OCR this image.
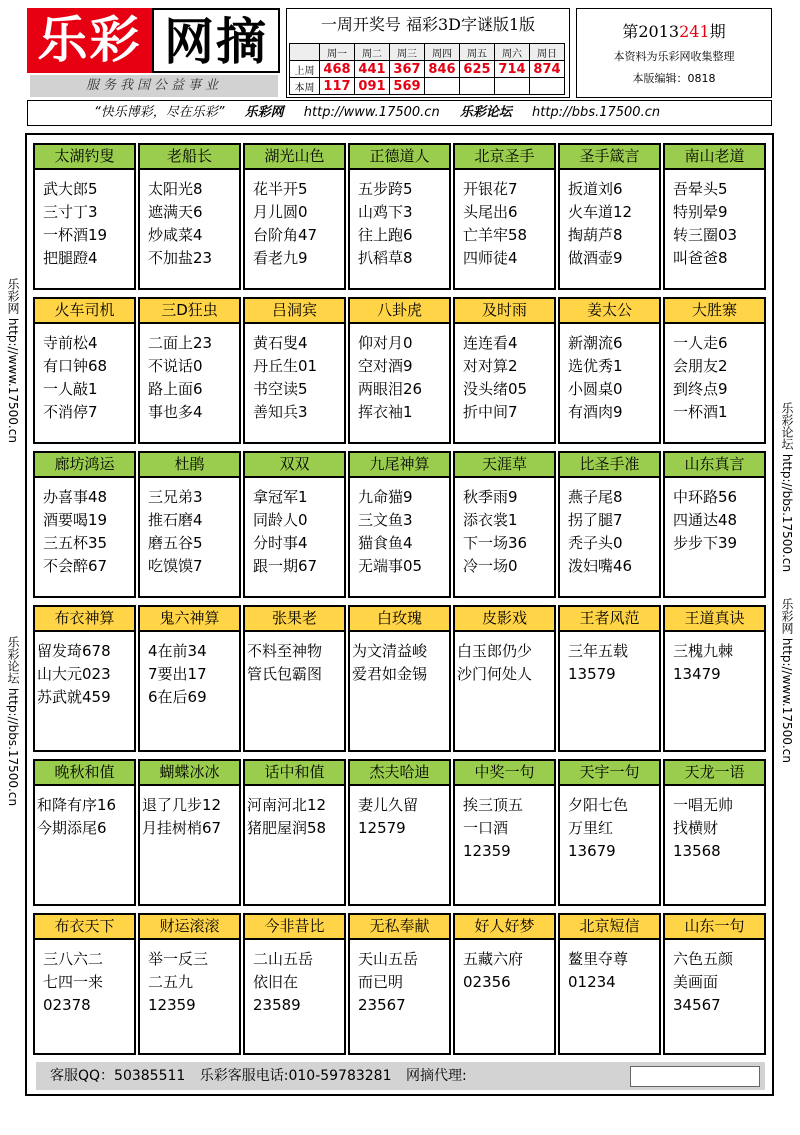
乐彩 网摘
服务我国公益事业
一周开奖号 福彩3D字谜版1版
	周一	周二	周三	周四	周五	周六	周日
上周	468	441	367	846	625	714	874
本周	117	091	569				
第2013241期
本资料为乐彩网收集整理
本版编辑：0818
“快乐博彩，尽在乐彩” 乐彩网 http://www.17500.cn 乐彩论坛 http://bbs.17500.cn
乐彩网 http://www.17500.cn
乐彩论坛 http://bbs.17500.cn
乐彩论坛 http://bbs.17500.cn
乐彩网 http://www.17500.cn
太湖钓叟
武大郎5
三寸丁3
一杯酒19
把腿蹬4
老船长
太阳光8
遮满天6
炒咸菜4
不加盐23
湖光山色
花半开5
月儿圆0
台阶角47
看老九9
正德道人
五步跨5
山鸡下3
往上跑6
扒稻草8
北京圣手
开银花7
头尾出6
亡羊牢58
四师徒4
圣手箴言
扳道刘6
火车道12
掏葫芦8
做酒壶9
南山老道
吾晕头5
特别晕9
转三圈03
叫爸爸8
火车司机
寺前松4
有口钟68
一人敲1
不消停7
三D狂虫
二面上23
不说话0
路上面6
事也多4
吕洞宾
黄石叟4
丹丘生01
书空读5
善知兵3
八卦虎
仰对月0
空对酒9
两眼泪26
挥衣袖1
及时雨
连连看4
对对算2
没头绪05
折中间7
姜太公
新潮流6
选优秀1
小圆桌0
有酒肉9
大胜寨
一人走6
会朋友2
到终点9
一杯酒1
廊坊鸿运
办喜事48
酒要喝19
三五杯35
不会醉67
杜鹃
三兄弟3
推石磨4
磨五谷5
吃馍馍7
双双
拿冠军1
同龄人0
分时事4
跟一期67
九尾神算
九命猫9
三文鱼3
猫食鱼4
无端事05
天涯草
秋季雨9
添衣裳1
下一场36
冷一场0
比圣手准
燕子尾8
拐了腿7
秃子头0
泼妇嘴46
山东真言
中环路56
四通达48
步步下39
布衣神算
留发琦678
山大元023
苏武就459
鬼六神算
4在前34
7要出17
6在后69
张果老
不料至神物
管氏包霸图
白玫瑰
为文清益峻
爱君如金锡
皮影戏
白玉郎仍少
沙门何处人
王者风范
三年五载
13579
王道真诀
三槐九棘
13479
晚秋和值
和降有序16
今期添尾6
蝴蝶冰冰
退了几步12
月挂树梢67
话中和值
河南河北12
猪肥屋润58
杰夫哈迪
妻儿久留
12579
中奖一句
挨三顶五
一口酒
12359
天宇一句
夕阳七色
万里红
13679
天龙一语
一唱无帅
找横财
13568
布衣天下
三八六二
七四一来
02378
财运滚滚
举一反三
二五九
12359
今非昔比
二山五岳
依旧在
23589
无私奉献
天山五岳
而已明
23567
好人好梦
五藏六府
02356
北京短信
鳌里夺尊
01234
山东一句
六色五颜
美画面
34567
客服QQ：50385511 乐彩客服电话:010-59783281 网摘代理:
